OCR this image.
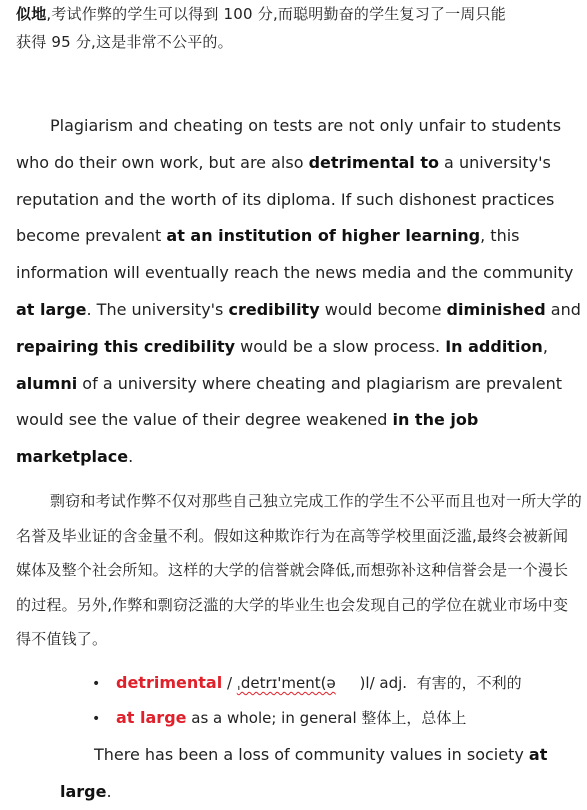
似地,考试作弊的学生可以得到 100 分,而聪明勤奋的学生复习了一周只能
获得 95 分,这是非常不公平的。
Plagiarism and cheating on tests are not only unfair to students who do their own work, but are also detrimental to a university's reputation and the worth of its diploma. If such dishonest practices become prevalent at an institution of higher learning, this information will eventually reach the news media and the community at large. The university's credibility would become diminished and repairing this credibility would be a slow process. In addition, alumni of a university where cheating and plagiarism are prevalent would see the value of their degree weakened in the job marketplace.
剽窃和考试作弊不仅对那些自己独立完成工作的学生不公平而且也对一所大学的名誉及毕业证的含金量不利。假如这种欺诈行为在高等学校里面泛滥,最终会被新闻媒体及整个社会所知。这样的大学的信誉就会降低,而想弥补这种信誉会是一个漫长的过程。另外,作弊和剽窃泛滥的大学的毕业生也会发现自己的学位在就业市场中变得不值钱了。
• detrimental / ˌdetrɪ'ment(ə     )l/ adj.  有害的，不利的
• at large as a whole; in general 整体上，总体上
There has been a loss of community values in society at large.
